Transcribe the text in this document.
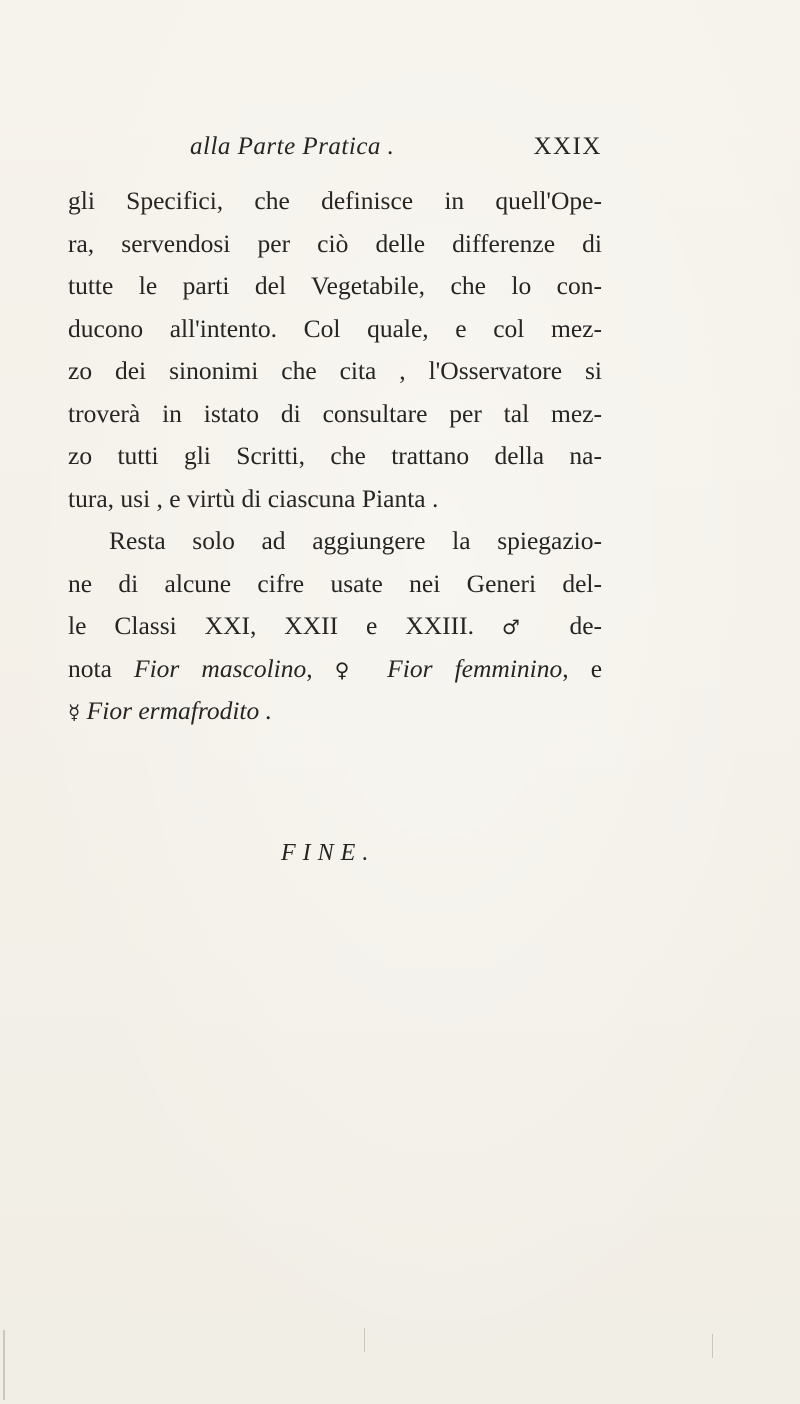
alla Parte Pratica .	XXIX
gli Specifici, che definisce in quell'Ope-
ra, servendosi per ciò delle differenze di
tutte le parti del Vegetabile, che lo con-
ducono all'intento. Col quale, e col mez-
zo dei sinonimi che cita , l'Osservatore si
troverà in istato di consultare per tal mez-
zo tutti gli Scritti, che trattano della na-
tura, usi , e virtù di ciascuna Pianta .
Resta solo ad aggiungere la spiegazio-
ne di alcune cifre usate nei Generi del-
le Classi XXI, XXII e XXIII. ♂ de-
nota Fior mascolino, ♀ Fior femminino, e
☿ Fior ermafrodito .
FINE.
